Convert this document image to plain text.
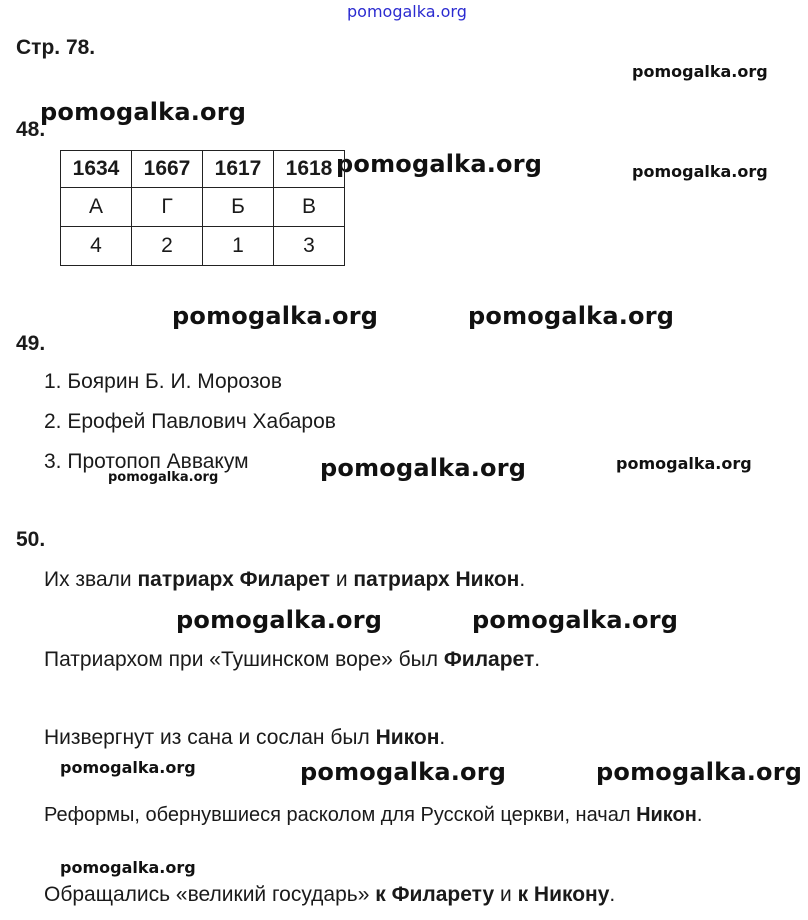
pomogalka.org
Стр. 78.
pomogalka.org
pomogalka.org
pomogalka.org	pomogalka.org
pomogalka.org	pomogalka.org
pomogalka.org	pomogalka.org
pomogalka.org
pomogalka.org	pomogalka.org
pomogalka.org	pomogalka.org	pomogalka.org
pomogalka.org
48.
1634	1667	1617	1618
А	Г	Б	В
4	2	1	3
49.
1. Боярин Б. И. Морозов
2. Ерофей Павлович Хабаров
3. Протопоп Аввакум
50.
Их звали патриарх Филарет и патриарх Никон.
Патриархом при «Тушинском воре» был Филарет.
Низвергнут из сана и сослан был Никон.
Реформы, обернувшиеся расколом для Русской церкви, начал Никон.
Обращались «великий государь» к Филарету и к Никону.
